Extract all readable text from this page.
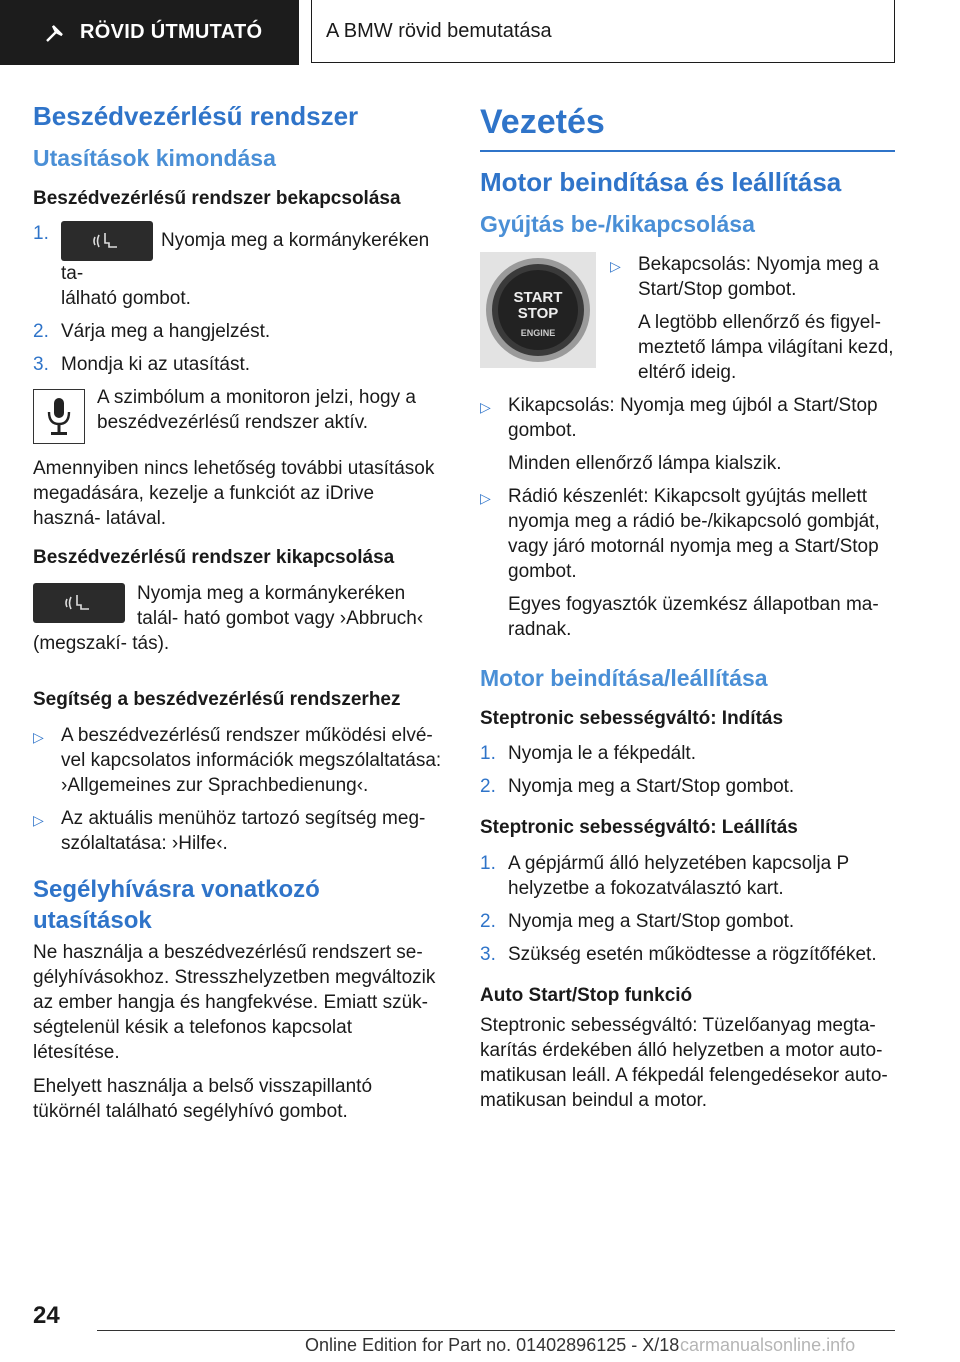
RÖVID ÚTMUTATÓ	A BMW rövid bemutatása
Beszédvezérlésű rendszer
Utasítások kimondása
Beszédvezérlésű rendszer bekapcsolása
1.	Nyomja meg a kormánykeréken ta-
lálható gombot.
2. Várja meg a hangjelzést.
3. Mondja ki az utasítást.

A szimbólum a monitoron jelzi, hogy a beszédvezérlésű rendszer aktív.

Amennyiben nincs lehetőség további utasítások megadására, kezelje a funkciót az iDrive haszná- latával.

Beszédvezérlésű rendszer kikapcsolása

Nyomja meg a kormánykeréken talál- ható gombot vagy ›Abbruch‹ (megszakí- tás).

Segítség a beszédvezérlésű rendszerhez
▷ A beszédvezérlésű rendszer működési elvé- vel kapcsolatos információk megszólaltatása: ›Allgemeines zur Sprachbedienung‹.
▷ Az aktuális menühöz tartozó segítség meg- szólaltatása: ›Hilfe‹.
Segélyhívásra vonatkozó utasítások

Ne használja a beszédvezérlésű rendszert se- gélyhívásokhoz. Stresszhelyzetben megváltozik az ember hangja és hangfekvése. Emiatt szük- ségtelenül késik a telefonos kapcsolat létesítése.

Ehelyett használja a belső visszapillantó tükörnél található segélyhívó gombot.

Vezetés
Motor beindítása és leállítása
Gyújtás be-/kikapcsolása
START
STOP
ENGINE
▷ Bekapcsolás: Nyomja meg a Start/Stop gombot.
A legtöbb ellenőrző és figyel- meztető lámpa világítani kezd, eltérő ideig.
▷ Kikapcsolás: Nyomja meg újból a Start/Stop gombot.
Minden ellenőrző lámpa kialszik.
▷ Rádió készenlét: Kikapcsolt gyújtás mellett nyomja meg a rádió be-/kikapcsoló gombját, vagy járó motornál nyomja meg a Start/Stop gombot.
Egyes fogyasztók üzemkész állapotban ma- radnak.
Motor beindítása/leállítása
Steptronic sebességváltó: Indítás
1. Nyomja le a fékpedált.
2. Nyomja meg a Start/Stop gombot.
Steptronic sebességváltó: Leállítás
1. A gépjármű álló helyzetében kapcsolja P helyzetbe a fokozatválasztó kart.
2. Nyomja meg a Start/Stop gombot.
3. Szükség esetén működtesse a rögzítőféket.
Auto Start/Stop funkció

Steptronic sebességváltó: Tüzelőanyag megta- karítás érdekében álló helyzetben a motor auto- matikusan leáll. A fékpedál felengedésekor auto- matikusan beindul a motor.

24
Online Edition for Part no. 01402896125 - X/18 carmanualsonline.info
